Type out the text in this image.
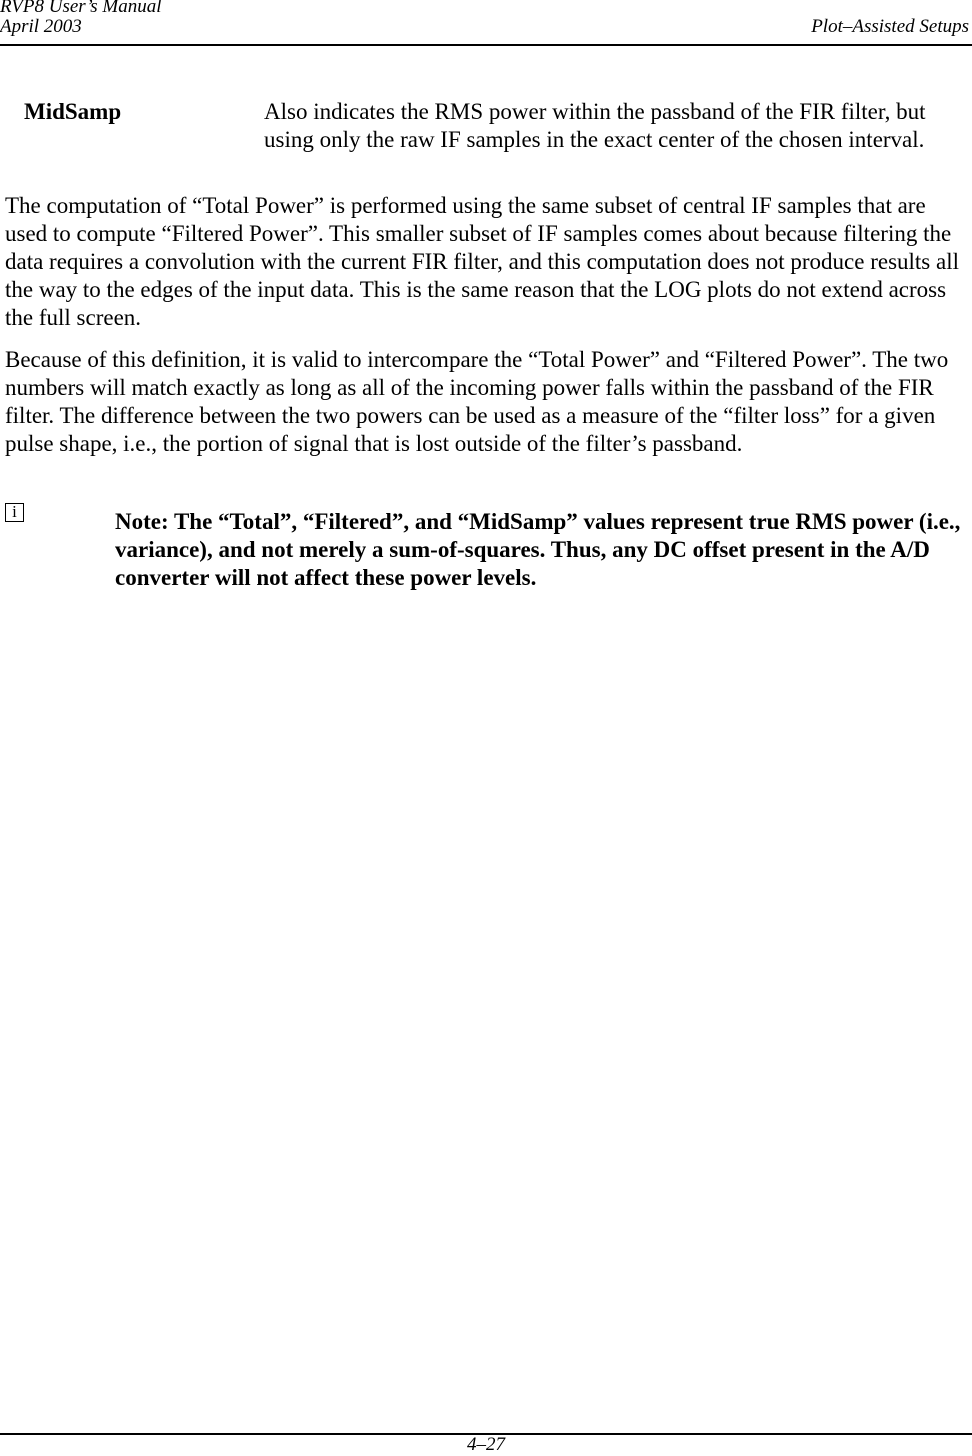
RVP8 User’s Manual
April 2003	Plot–Assisted Setups
MidSamp	Also indicates the RMS power within the passband of the FIR filter, but using only the raw IF samples in the exact center of the chosen interval.

The computation of “Total Power” is performed using the same subset of central IF samples that are used to compute “Filtered Power”. This smaller subset of IF samples comes about because filtering the data requires a convolution with the current FIR filter, and this computation does not produce results all the way to the edges of the input data. This is the same reason that the LOG plots do not extend across the full screen.

Because of this definition, it is valid to intercompare the “Total Power” and “Filtered Power”. The two numbers will match exactly as long as all of the incoming power falls within the passband of the FIR filter. The difference between the two powers can be used as a measure of the “filter loss” for a given pulse shape, i.e., the portion of signal that is lost outside of the filter’s passband.

i	Note: The “Total”, “Filtered”, and “MidSamp” values represent true RMS power (i.e., variance), and not merely a sum-of-squares. Thus, any DC offset present in the A/D converter will not affect these power levels.
4–27
